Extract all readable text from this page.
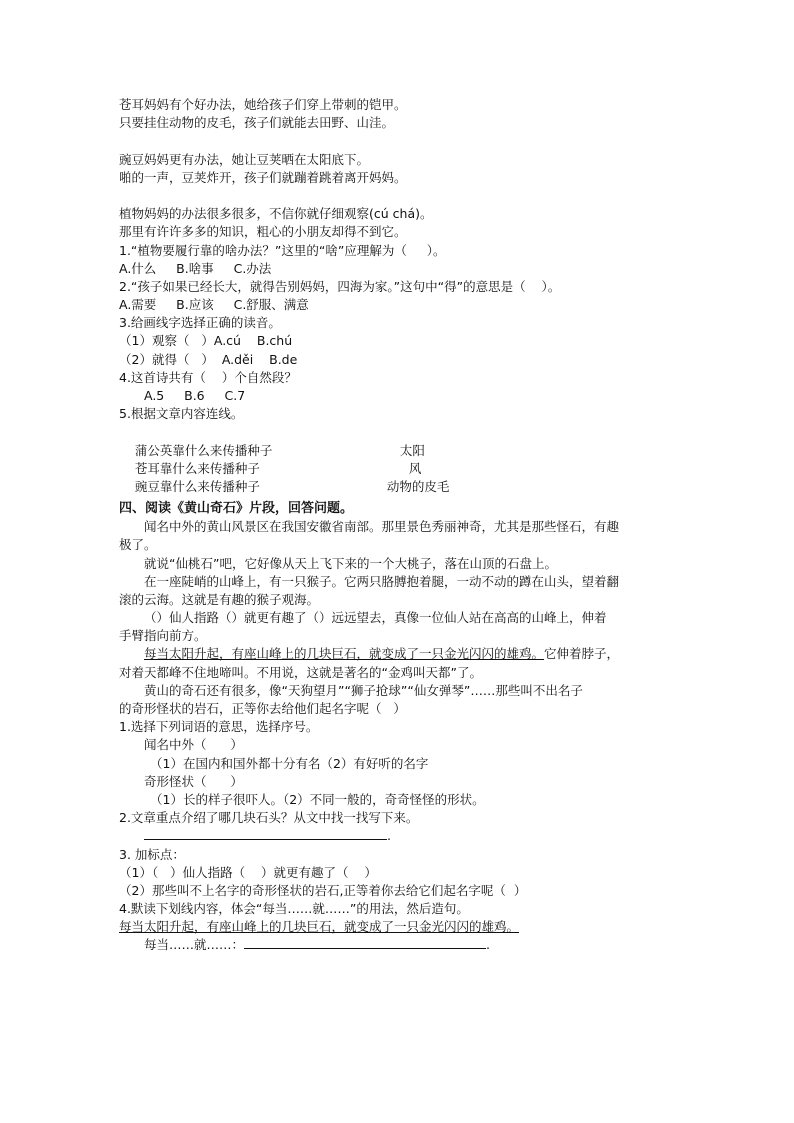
苍耳妈妈有个好办法，她给孩子们穿上带刺的铠甲。
只要挂住动物的皮毛，孩子们就能去田野、山洼。
豌豆妈妈更有办法，她让豆荚晒在太阳底下。
啪的一声，豆荚炸开，孩子们就蹦着跳着离开妈妈。
植物妈妈的办法很多很多，不信你就仔细观察(cú chá)。
那里有许许多多的知识，粗心的小朋友却得不到它。
1.“植物要履行靠的啥办法？”这里的“啥”应理解为（     ）。
A.什么     B.啥事     C.办法
2.“孩子如果已经长大，就得告别妈妈，四海为家。”这句中“得”的意思是（    ）。
A.需要     B.应该     C.舒服、满意
3.给画线字选择正确的读音。
（1）观察（   ）A.cú    B.chú
（2）就得（   ）  A.děi    B.de
4.这首诗共有（    ）个自然段？
A.5     B.6     C.7
5.根据文章内容连线。

蒲公英靠什么来传播种子	太阳

苍耳靠什么来传播种子	风

豌豆靠什么来传播种子	动物的皮毛

四、阅读《黄山奇石》片段，回答问题。
闻名中外的黄山风景区在我国安徽省南部。那里景色秀丽神奇，尤其是那些怪石，有趣
极了。
就说“仙桃石”吧，它好像从天上飞下来的一个大桃子，落在山顶的石盘上。
在一座陡峭的山峰上，有一只猴子。它两只胳膊抱着腿，一动不动的蹲在山头，望着翻
滚的云海。这就是有趣的猴子观海。
（）仙人指路（）就更有趣了（）远远望去，真像一位仙人站在高高的山峰上，伸着
手臂指向前方。
每当太阳升起，有座山峰上的几块巨石，就变成了一只金光闪闪的雄鸡。它伸着脖子，
对着天都峰不住地啼叫。不用说，这就是著名的“金鸡叫天都”了。
黄山的奇石还有很多，像“天狗望月”“狮子抢球”“仙女弹琴”……那些叫不出名子
的奇形怪状的岩石，正等你去给他们起名字呢（   ）
1.选择下列词语的意思，选择序号。
闻名中外（      ）
（1）在国内和国外都十分有名（2）有好听的名字
奇形怪状（      ）
（1）长的样子很吓人。（2）不同一般的，奇奇怪怪的形状。
2.文章重点介绍了哪几块石头？从文中找一找写下来。
.
3. 加标点：
（1）（   ）仙人指路（    ）就更有趣了（    ）
（2）那些叫不上名字的奇形怪状的岩石,正等着你去给它们起名字呢（  ）
4.默读下划线内容，体会“每当……就……”的用法，然后造句。
每当太阳升起，有座山峰上的几块巨石，就变成了一只金光闪闪的雄鸡。
每当……就……：	.
